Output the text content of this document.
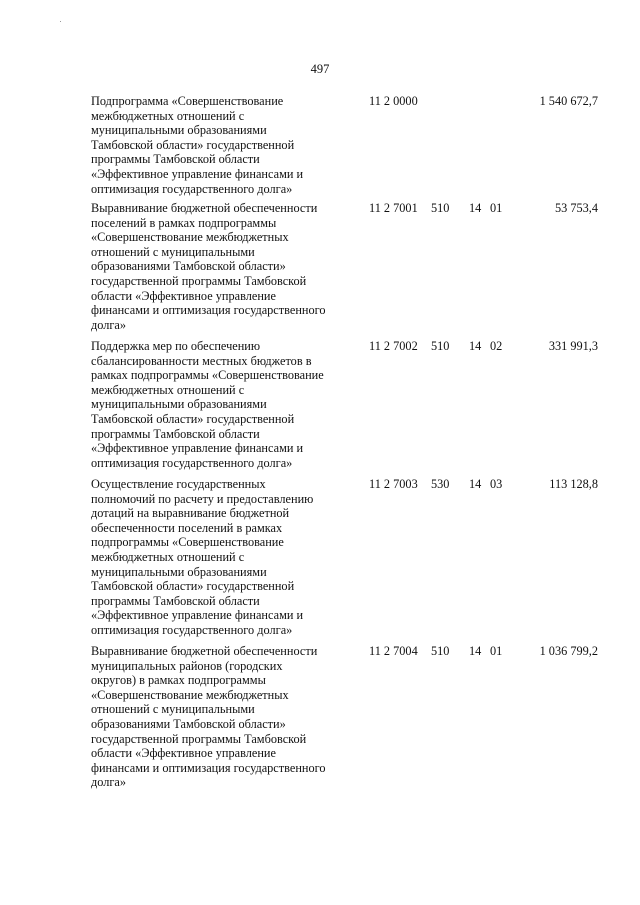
497
Подпрограмма «Совершенствование
межбюджетных отношений с
муниципальными образованиями
Тамбовской области» государственной
программы Тамбовской области
«Эффективное управление финансами и
оптимизация государственного долга»
11 2 0000	1 540 672,7
Выравнивание бюджетной обеспеченности
поселений в рамках подпрограммы
«Совершенствование межбюджетных
отношений с муниципальными
образованиями Тамбовской области»
государственной программы Тамбовской
области «Эффективное управление
финансами и оптимизация государственного
долга»
11 2 7001 510 14 01	53 753,4
Поддержка мер по обеспечению
сбалансированности местных бюджетов в
рамках подпрограммы «Совершенствование
межбюджетных отношений с
муниципальными образованиями
Тамбовской области» государственной
программы Тамбовской области
«Эффективное управление финансами и
оптимизация государственного долга»
11 2 7002 510 14 02	331 991,3
Осуществление государственных
полномочий по расчету и предоставлению
дотаций на выравнивание бюджетной
обеспеченности поселений в рамках
подпрограммы «Совершенствование
межбюджетных отношений с
муниципальными образованиями
Тамбовской области» государственной
программы Тамбовской области
«Эффективное управление финансами и
оптимизация государственного долга»
11 2 7003 530 14 03	113 128,8
Выравнивание бюджетной обеспеченности
муниципальных районов (городских
округов) в рамках подпрограммы
«Совершенствование межбюджетных
отношений с муниципальными
образованиями Тамбовской области»
государственной программы Тамбовской
области «Эффективное управление
финансами и оптимизация государственного
долга»
11 2 7004 510 14 01	1 036 799,2
